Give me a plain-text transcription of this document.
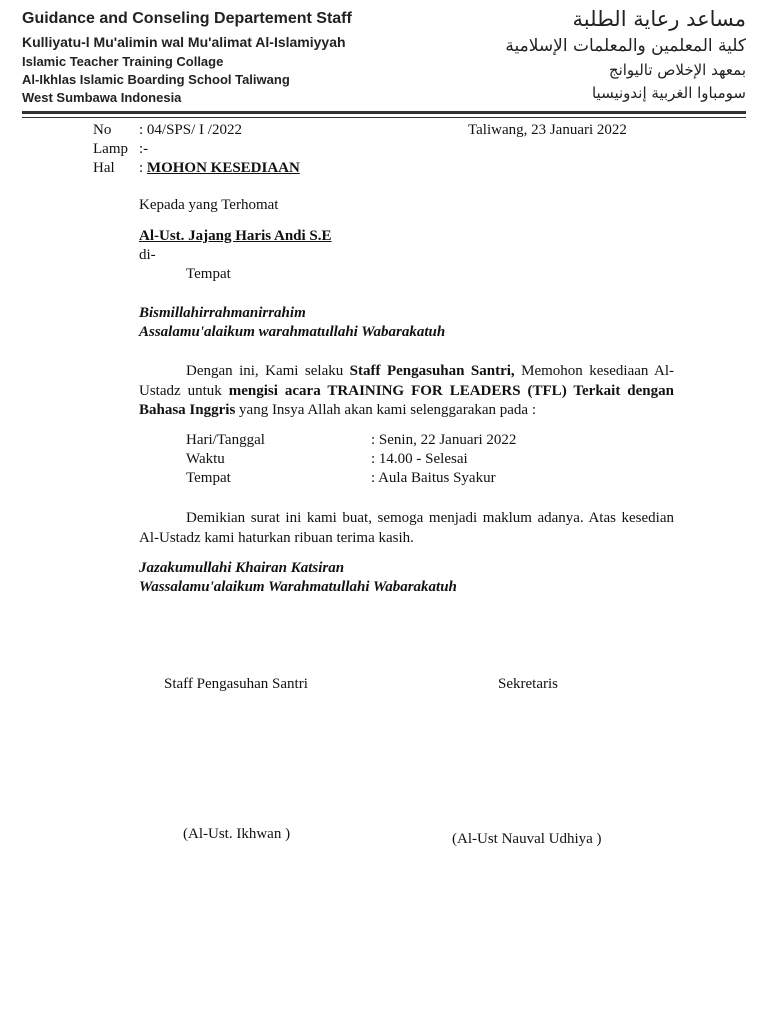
Guidance and Conseling Departement Staff
Kulliyatu-l Mu'alimin wal Mu'alimat Al-Islamiyyah
Islamic Teacher Training Collage
Al-Ikhlas Islamic Boarding School Taliwang
West Sumbawa Indonesia
مساعد رعاية الطلبة
كلية المعلمين والمعلمات الإسلامية
بمعهد الإخلاص تاليوانج
سومباوا الغربية إندونيسيا
No : 04/SPS/ I /2022
Lamp :-
Hal : MOHON KESEDIAAN
Taliwang, 23 Januari 2022
Kepada yang Terhomat
Al-Ust. Jajang Haris Andi S.E
di-
Tempat
Bismillahirrahmanirrahim
Assalamu'alaikum warahmatullahi Wabarakatuh
Dengan ini, Kami selaku Staff Pengasuhan Santri, Memohon kesediaan Al-Ustadz untuk mengisi acara TRAINING FOR LEADERS (TFL) Terkait dengan Bahasa Inggris yang Insya Allah akan kami selenggarakan pada :
Hari/Tanggal	: Senin, 22 Januari 2022
Waktu	: 14.00 - Selesai
Tempat	: Aula Baitus Syakur
Demikian surat ini kami buat, semoga menjadi maklum adanya. Atas kesedian Al-Ustadz kami haturkan ribuan terima kasih.
Jazakumullahi Khairan Katsiran
Wassalamu'alaikum Warahmatullahi Wabarakatuh
Staff Pengasuhan Santri	Sekretaris
(Al-Ust. Ikhwan )	(Al-Ust Nauval Udhiya )
